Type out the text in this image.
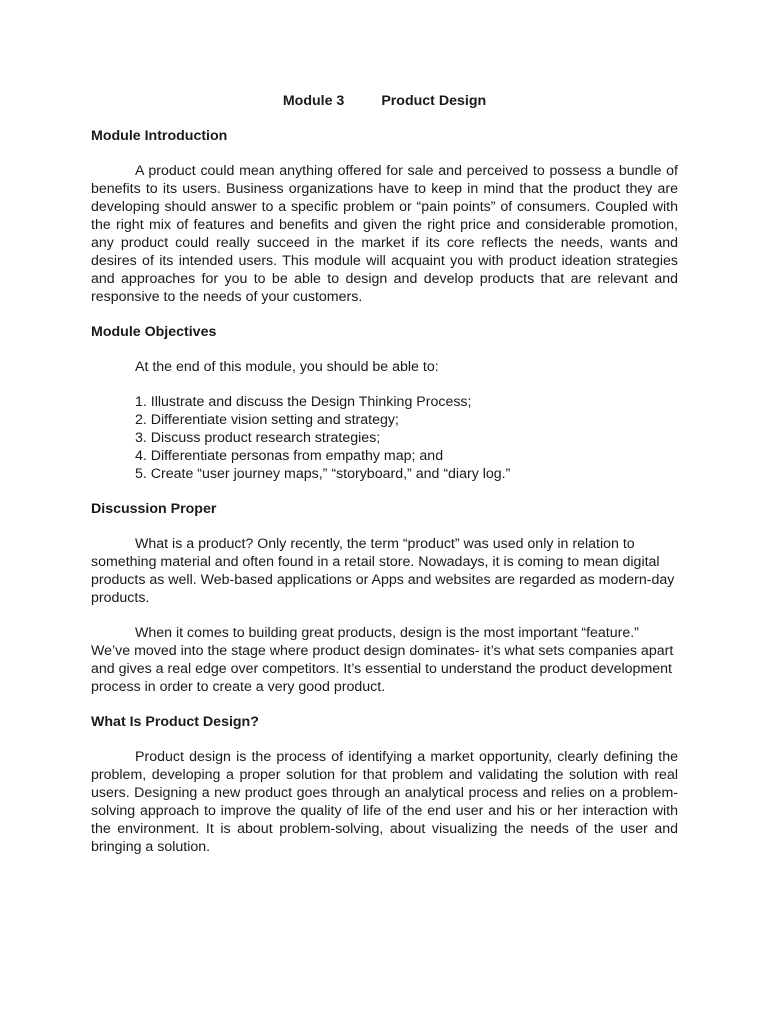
Module 3	Product Design
Module Introduction

A product could mean anything offered for sale and perceived to possess a bundle of benefits to its users. Business organizations have to keep in mind that the product they are developing should answer to a specific problem or “pain points” of consumers. Coupled with the right mix of features and benefits and given the right price and considerable promotion, any product could really succeed in the market if its core reflects the needs, wants and desires of its intended users. This module will acquaint you with product ideation strategies and approaches for you to be able to design and develop products that are relevant and responsive to the needs of your customers.

Module Objectives

At the end of this module, you should be able to:

1. Illustrate and discuss the Design Thinking Process;
2. Differentiate vision setting and strategy;
3. Discuss product research strategies;
4. Differentiate personas from empathy map; and
5. Create “user journey maps,” “storyboard,” and “diary log.”
Discussion Proper

What is a product? Only recently, the term “product” was used only in relation to something material and often found in a retail store. Nowadays, it is coming to mean digital products as well. Web-based applications or Apps and websites are regarded as modern-day products.

When it comes to building great products, design is the most important “feature.” We’ve moved into the stage where product design dominates- it’s what sets companies apart and gives a real edge over competitors. It’s essential to understand the product development process in order to create a very good product.

What Is Product Design?

Product design is the process of identifying a market opportunity, clearly defining the problem, developing a proper solution for that problem and validating the solution with real users. Designing a new product goes through an analytical process and relies on a problem-solving approach to improve the quality of life of the end user and his or her interaction with the environment. It is about problem-solving, about visualizing the needs of the user and bringing a solution.
